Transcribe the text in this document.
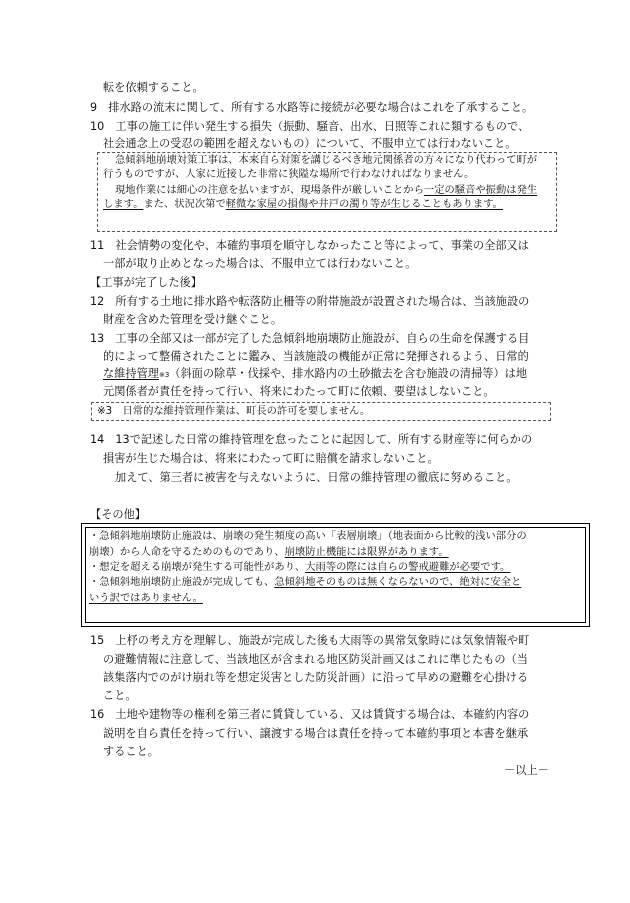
転を依頼すること。
9　排水路の流末に関して、所有する水路等に接続が必要な場合はこれを了承すること。
10　工事の施工に伴い発生する損失（振動、騒音、出水、日照等これに類するもので、
社会通念上の受忍の範囲を超えないもの）について、不服申立ては行わないこと。
急傾斜地崩壊対策工事は、本来自ら対策を講じるべき地元関係者の方々になり代わって町が
行うものですが、人家に近接した非常に狭隘な場所で行わなければなりません。
現地作業には細心の注意を払いますが、現場条件が厳しいことから一定の騒音や振動は発生
します。また、状況次第で軽微な家屋の損傷や井戸の濁り等が生じることもあります。
11　社会情勢の変化や、本確約事項を順守しなかったこと等によって、事業の全部又は
一部が取り止めとなった場合は、不服申立ては行わないこと。
【工事が完了した後】
12　所有する土地に排水路や転落防止柵等の附帯施設が設置された場合は、当該施設の
財産を含めた管理を受け継ぐこと。
13　工事の全部又は一部が完了した急傾斜地崩壊防止施設が、自らの生命を保護する目
的によって整備されたことに鑑み、当該施設の機能が正常に発揮されるよう、日常的
な維持管理※3（斜面の除草・伐採や、排水路内の土砂撤去を含む施設の清掃等）は地
元関係者が責任を持って行い、将来にわたって町に依頼、要望はしないこと。
※3　日常的な維持管理作業は、町長の許可を要しません。
14　13で記述した日常の維持管理を怠ったことに起因して、所有する財産等に何らかの
損害が生じた場合は、将来にわたって町に賠償を請求しないこと。
加えて、第三者に被害を与えないように、日常の維持管理の徹底に努めること。
【その他】
・急傾斜地崩壊防止施設は、崩壊の発生頻度の高い「表層崩壊」（地表面から比較的浅い部分の
崩壊）から人命を守るためのものであり、崩壊防止機能には限界があります。
・想定を超える崩壊が発生する可能性があり、大雨等の際には自らの警戒避難が必要です。
・急傾斜地崩壊防止施設が完成しても、急傾斜地そのものは無くならないので、絶対に安全と
いう訳ではありません。
15　上杼の考え方を理解し、施設が完成した後も大雨等の異常気象時には気象情報や町
の避難情報に注意して、当該地区が含まれる地区防災計画又はこれに準じたもの（当
該集落内でのがけ崩れ等を想定災害とした防災計画）に沿って早めの避難を心掛ける
こと。
16　土地や建物等の権利を第三者に賃貸している、又は賃貸する場合は、本確約内容の
説明を自ら責任を持って行い、譲渡する場合は責任を持って本確約事項と本書を継承
すること。
－以上－
